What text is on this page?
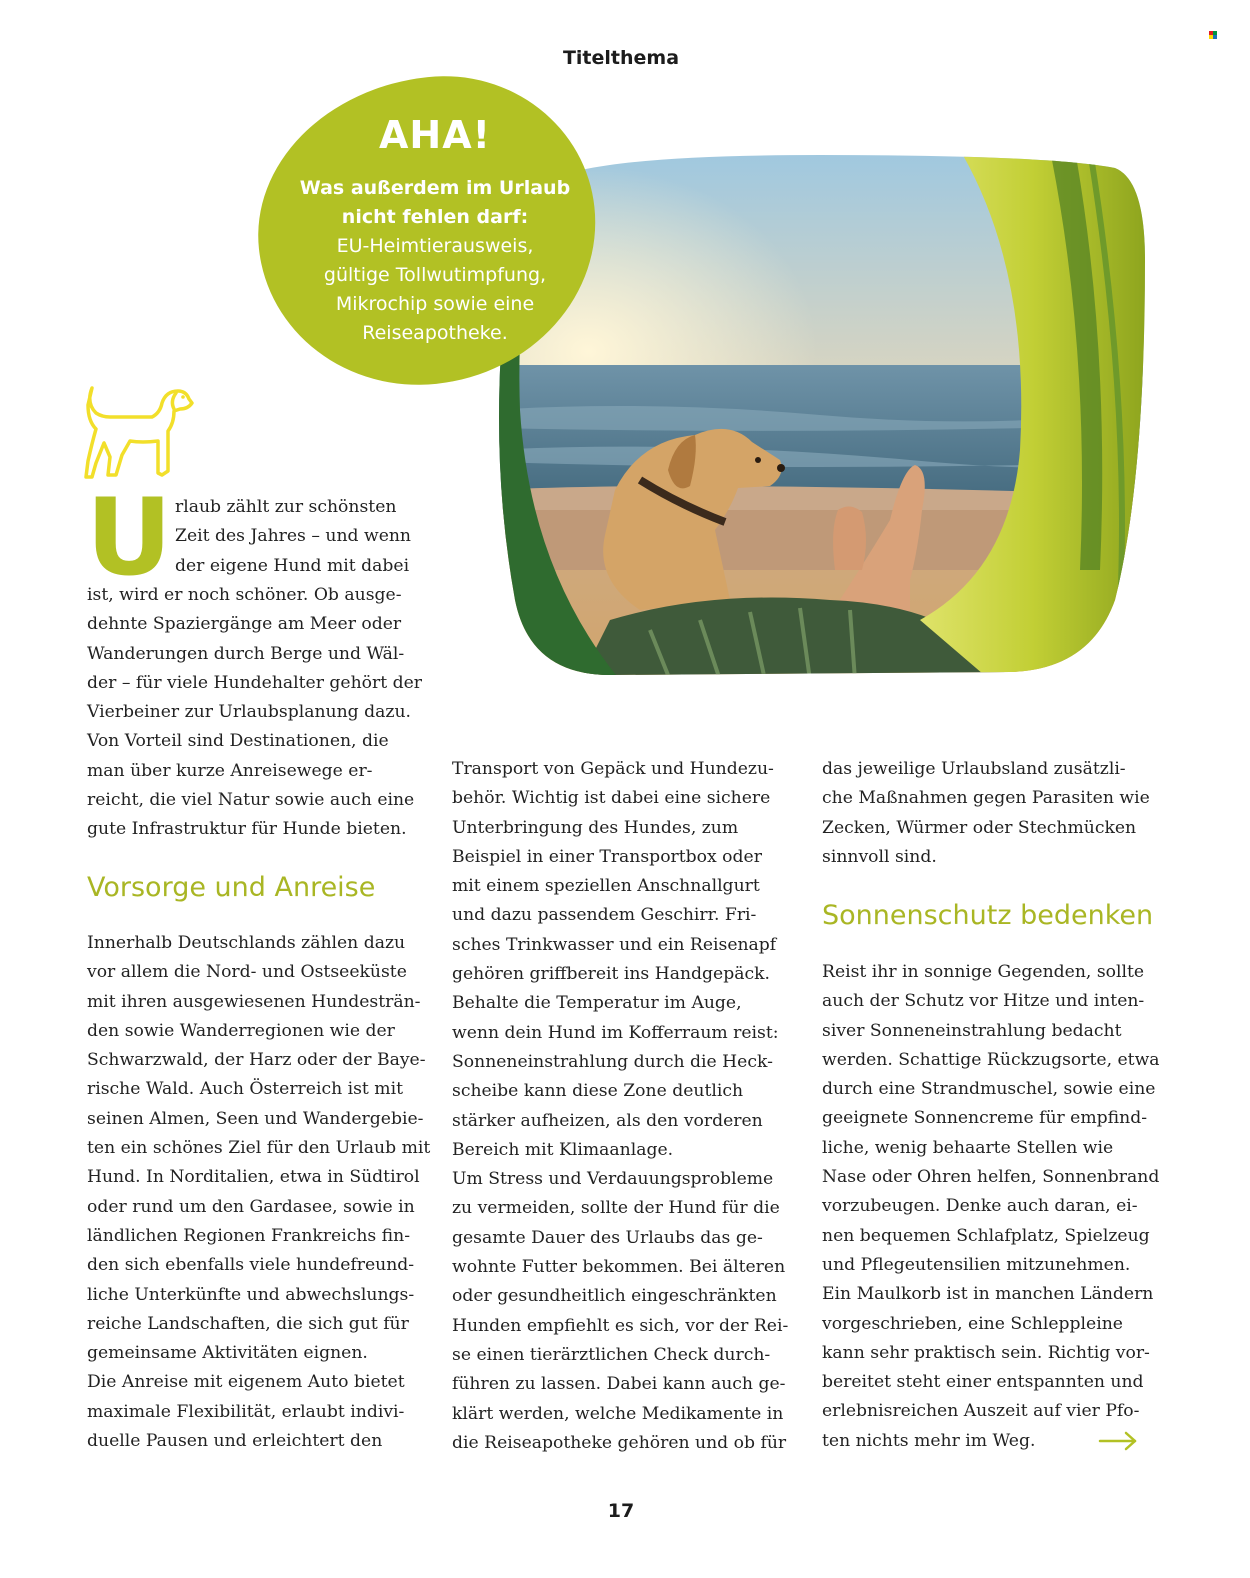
Titelthema
AHA!
Was außerdem im Urlaub
nicht fehlen darf:
EU-Heimtierausweis,
gültige Tollwutimpfung,
Mikrochip sowie eine
Reiseapotheke.
U rlaub zählt zur schönsten
Zeit des Jahres – und wenn
der eigene Hund mit dabei
ist, wird er noch schöner. Ob ausge-
dehnte Spaziergänge am Meer oder
Wanderungen durch Berge und Wäl-
der – für viele Hundehalter gehört der
Vierbeiner zur Urlaubsplanung dazu.
Von Vorteil sind Destinationen, die
man über kurze Anreisewege er-
reicht, die viel Natur sowie auch eine
gute Infrastruktur für Hunde bieten.
Vorsorge und Anreise
Innerhalb Deutschlands zählen dazu
vor allem die Nord- und Ostseeküste
mit ihren ausgewiesenen Hundesträn-
den sowie Wanderregionen wie der
Schwarzwald, der Harz oder der Baye-
rische Wald. Auch Österreich ist mit
seinen Almen, Seen und Wandergebie-
ten ein schönes Ziel für den Urlaub mit
Hund. In Norditalien, etwa in Südtirol
oder rund um den Gardasee, sowie in
ländlichen Regionen Frankreichs fin-
den sich ebenfalls viele hundefreund-
liche Unterkünfte und abwechslungs-
reiche Landschaften, die sich gut für
gemeinsame Aktivitäten eignen.
Die Anreise mit eigenem Auto bietet
maximale Flexibilität, erlaubt indivi-
duelle Pausen und erleichtert den
Transport von Gepäck und Hundezu-
behör. Wichtig ist dabei eine sichere
Unterbringung des Hundes, zum
Beispiel in einer Transportbox oder
mit einem speziellen Anschnallgurt
und dazu passendem Geschirr. Fri-
sches Trinkwasser und ein Reisenapf
gehören griffbereit ins Handgepäck.
Behalte die Temperatur im Auge,
wenn dein Hund im Kofferraum reist:
Sonneneinstrahlung durch die Heck-
scheibe kann diese Zone deutlich
stärker aufheizen, als den vorderen
Bereich mit Klimaanlage.
Um Stress und Verdauungsprobleme
zu vermeiden, sollte der Hund für die
gesamte Dauer des Urlaubs das ge-
wohnte Futter bekommen. Bei älteren
oder gesundheitlich eingeschränkten
Hunden empfiehlt es sich, vor der Rei-
se einen tierärztlichen Check durch-
führen zu lassen. Dabei kann auch ge-
klärt werden, welche Medikamente in
die Reiseapotheke gehören und ob für
das jeweilige Urlaubsland zusätzli-
che Maßnahmen gegen Parasiten wie
Zecken, Würmer oder Stechmücken
sinnvoll sind.
Sonnenschutz bedenken
Reist ihr in sonnige Gegenden, sollte
auch der Schutz vor Hitze und inten-
siver Sonneneinstrahlung bedacht
werden. Schattige Rückzugsorte, etwa
durch eine Strandmuschel, sowie eine
geeignete Sonnencreme für empfind-
liche, wenig behaarte Stellen wie
Nase oder Ohren helfen, Sonnenbrand
vorzubeugen. Denke auch daran, ei-
nen bequemen Schlafplatz, Spielzeug
und Pflegeutensilien mitzunehmen.
Ein Maulkorb ist in manchen Ländern
vorgeschrieben, eine Schleppleine
kann sehr praktisch sein. Richtig vor-
bereitet steht einer entspannten und
erlebnisreichen Auszeit auf vier Pfo-
ten nichts mehr im Weg.
17
